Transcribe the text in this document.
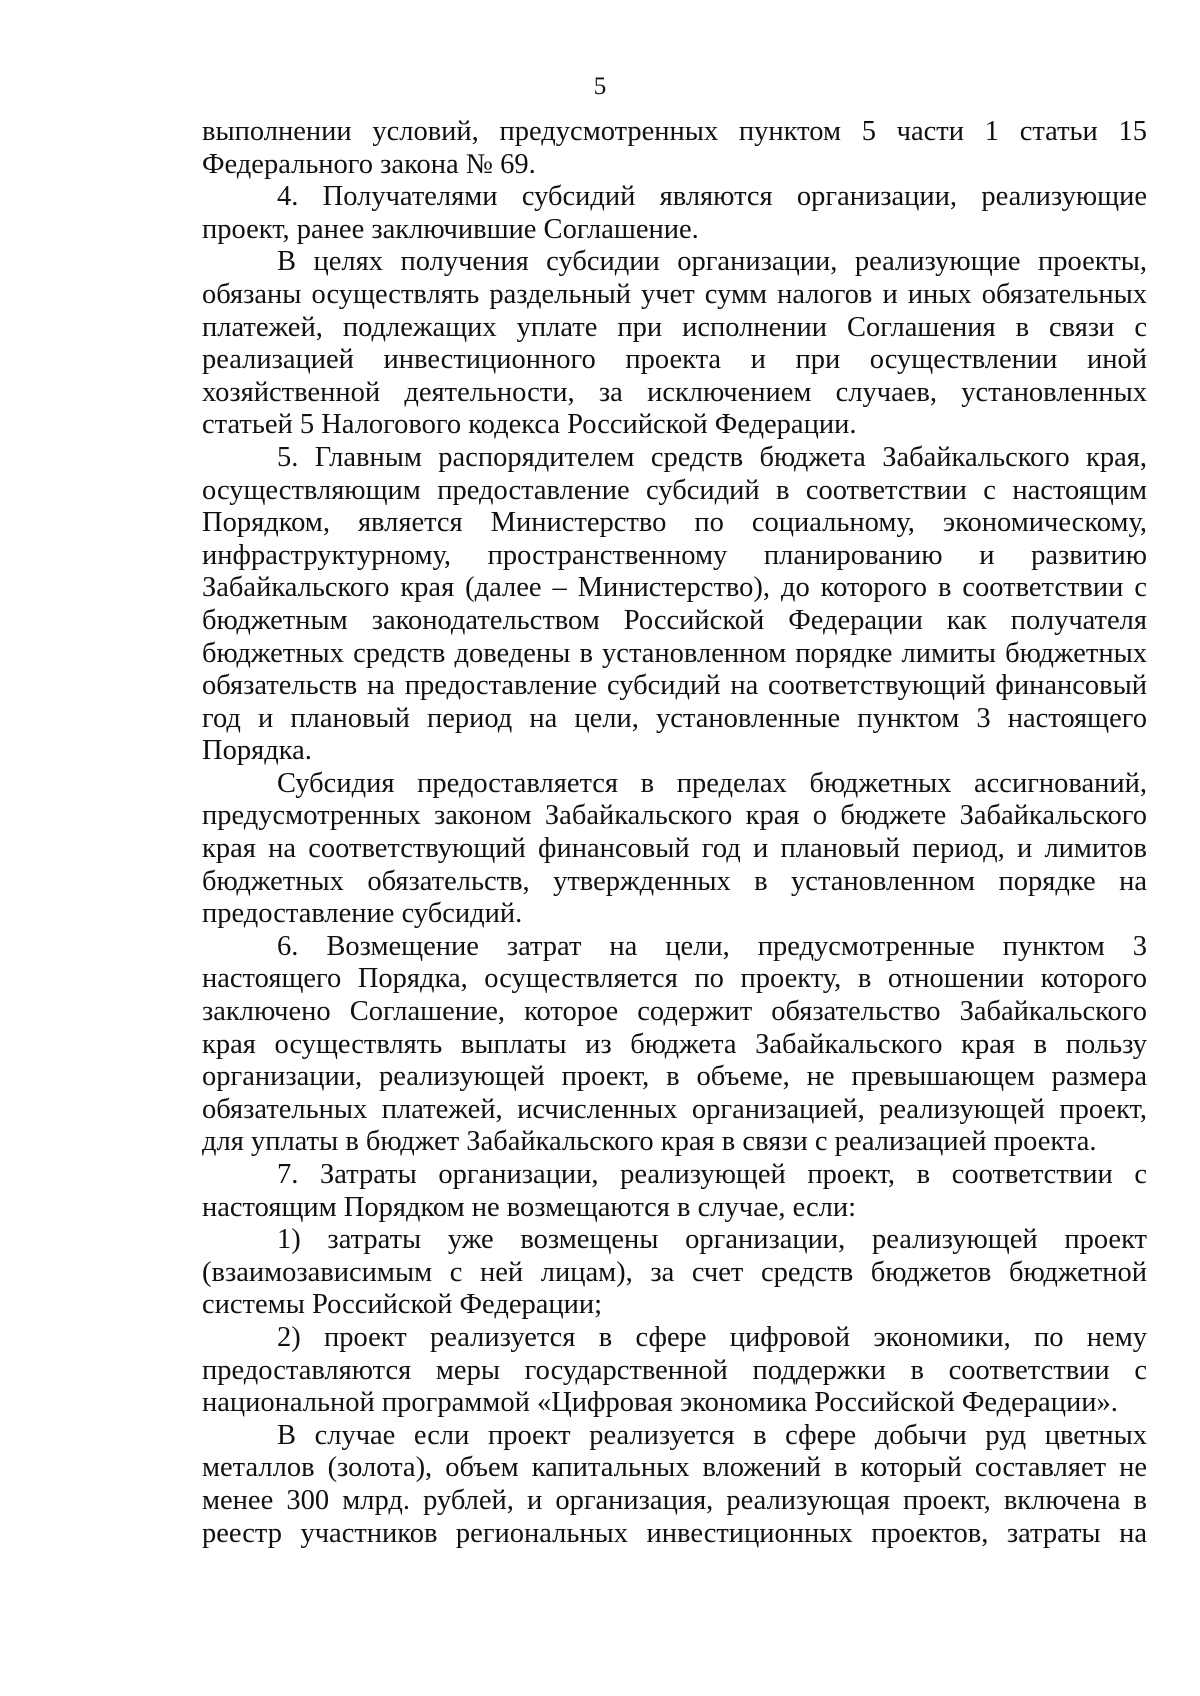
5

выполнении условий, предусмотренных пунктом 5 части 1 статьи 15 Федерального закона № 69.

4. Получателями субсидий являются организации, реализующие проект, ранее заключившие Соглашение.

В целях получения субсидии организации, реализующие проекты, обязаны осуществлять раздельный учет сумм налогов и иных обязательных платежей, подлежащих уплате при исполнении Соглашения в связи с реализацией инвестиционного проекта и при осуществлении иной хозяйственной деятельности, за исключением случаев, установленных статьей 5 Налогового кодекса Российской Федерации.

5. Главным распорядителем средств бюджета Забайкальского края, осуществляющим предоставление субсидий в соответствии с настоящим Порядком, является Министерство по социальному, экономическому, инфраструктурному, пространственному планированию и развитию Забайкальского края (далее – Министерство), до которого в соответствии с бюджетным законодательством Российской Федерации как получателя бюджетных средств доведены в установленном порядке лимиты бюджетных обязательств на предоставление субсидий на соответствующий финансовый год и плановый период на цели, установленные пунктом 3 настоящего Порядка.

Субсидия предоставляется в пределах бюджетных ассигнований, предусмотренных законом Забайкальского края о бюджете Забайкальского края на соответствующий финансовый год и плановый период, и лимитов бюджетных обязательств, утвержденных в установленном порядке на предоставление субсидий.

6. Возмещение затрат на цели, предусмотренные пунктом 3 настоящего Порядка, осуществляется по проекту, в отношении которого заключено Соглашение, которое содержит обязательство Забайкальского края осуществлять выплаты из бюджета Забайкальского края в пользу организации, реализующей проект, в объеме, не превышающем размера обязательных платежей, исчисленных организацией, реализующей проект, для уплаты в бюджет Забайкальского края в связи с реализацией проекта.

7. Затраты организации, реализующей проект, в соответствии с настоящим Порядком не возмещаются в случае, если:

1) затраты уже возмещены организации, реализующей проект (взаимозависимым с ней лицам), за счет средств бюджетов бюджетной системы Российской Федерации;

2) проект реализуется в сфере цифровой экономики, по нему предоставляются меры государственной поддержки в соответствии с национальной программой «Цифровая экономика Российской Федерации».

В случае если проект реализуется в сфере добычи руд цветных металлов (золота), объем капитальных вложений в который составляет не менее 300 млрд. рублей, и организация, реализующая проект, включена в реестр участников региональных инвестиционных проектов, затраты на
